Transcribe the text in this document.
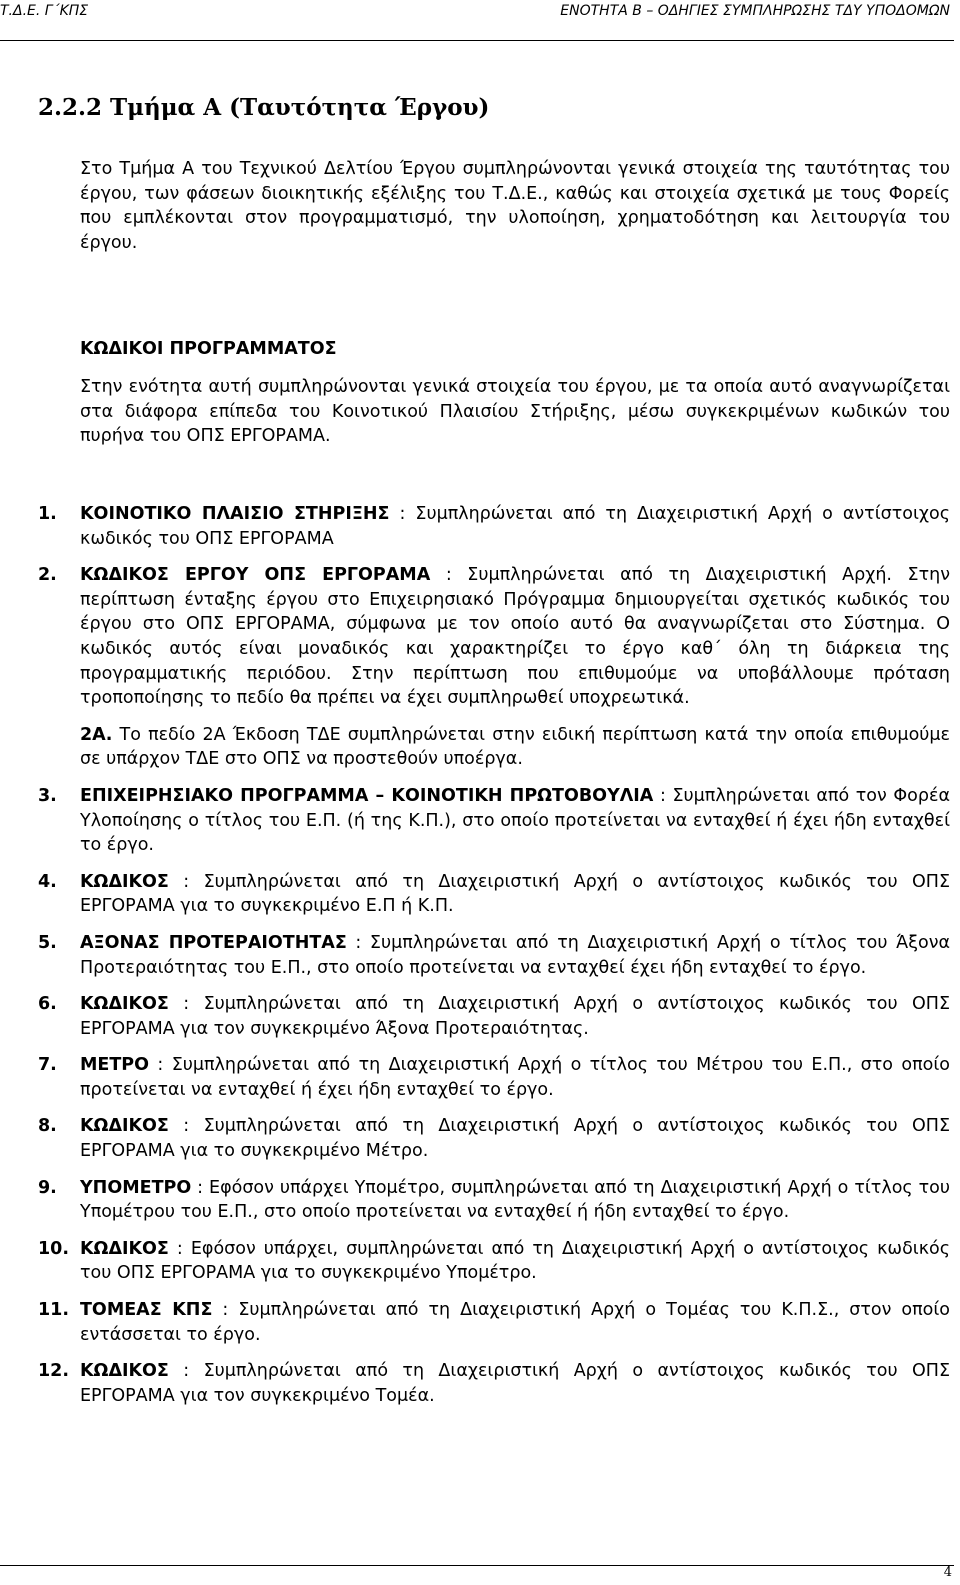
Τ.Δ.Ε. Γ΄ΚΠΣ	ΕΝΟΤΗΤΑ Β – ΟΔΗΓΙΕΣ ΣΥΜΠΛΗΡΩΣΗΣ ΤΔΥ ΥΠΟΔΟΜΩΝ
2.2.2 Τμήμα Α (Ταυτότητα Έργου)
Στο Τμήμα Α του Τεχνικού Δελτίου Έργου συμπληρώνονται γενικά στοιχεία της ταυτότητας του έργου, των φάσεων διοικητικής εξέλιξης του Τ.Δ.Ε., καθώς και στοιχεία σχετικά με τους Φορείς που εμπλέκονται στον προγραμματισμό, την υλοποίηση, χρηματοδότηση και λειτουργία του έργου.
ΚΩΔΙΚΟΙ ΠΡΟΓΡΑΜΜΑΤΟΣ
Στην ενότητα αυτή συμπληρώνονται γενικά στοιχεία του έργου, με τα οποία αυτό αναγνωρίζεται στα διάφορα επίπεδα του Κοινοτικού Πλαισίου Στήριξης, μέσω συγκεκριμένων κωδικών του πυρήνα του ΟΠΣ ΕΡΓΟΡΑΜΑ.
1. ΚΟΙΝΟΤΙΚΟ ΠΛΑΙΣΙΟ ΣΤΗΡΙΞΗΣ : Συμπληρώνεται από τη Διαχειριστική Αρχή ο αντίστοιχος κωδικός του ΟΠΣ ΕΡΓΟΡΑΜΑ
2. ΚΩΔΙΚΟΣ ΕΡΓΟΥ ΟΠΣ ΕΡΓΟΡΑΜΑ : Συμπληρώνεται από τη Διαχειριστική Αρχή. Στην περίπτωση ένταξης έργου στο Επιχειρησιακό Πρόγραμμα δημιουργείται σχετικός κωδικός του έργου στο ΟΠΣ ΕΡΓΟΡΑΜΑ, σύμφωνα με τον οποίο αυτό θα αναγνωρίζεται στο Σύστημα. Ο κωδικός αυτός είναι μοναδικός και χαρακτηρίζει το έργο καθ΄ όλη τη διάρκεια της προγραμματικής περιόδου. Στην περίπτωση που επιθυμούμε να υποβάλλουμε πρόταση τροποποίησης το πεδίο θα πρέπει να έχει συμπληρωθεί υποχρεωτικά.
2Α. Το πεδίο 2Α Έκδοση ΤΔΕ συμπληρώνεται στην ειδική περίπτωση κατά την οποία επιθυμούμε σε υπάρχον ΤΔΕ στο ΟΠΣ να προστεθούν υποέργα.
3. ΕΠΙΧΕΙΡΗΣΙΑΚΟ ΠΡΟΓΡΑΜΜΑ – ΚΟΙΝΟΤΙΚΗ ΠΡΩΤΟΒΟΥΛΙΑ : Συμπληρώνεται από τον Φορέα Υλοποίησης ο τίτλος του Ε.Π. (ή της Κ.Π.), στο οποίο προτείνεται να ενταχθεί ή έχει ήδη ενταχθεί το έργο.
4. ΚΩΔΙΚΟΣ : Συμπληρώνεται από τη Διαχειριστική Αρχή ο αντίστοιχος κωδικός του ΟΠΣ ΕΡΓΟΡΑΜΑ για το συγκεκριμένο Ε.Π ή Κ.Π.
5. ΑΞΟΝΑΣ ΠΡΟΤΕΡΑΙΟΤΗΤΑΣ : Συμπληρώνεται από τη Διαχειριστική Αρχή ο τίτλος του Άξονα Προτεραιότητας του Ε.Π., στο οποίο προτείνεται να ενταχθεί έχει ήδη ενταχθεί το έργο.
6. ΚΩΔΙΚΟΣ : Συμπληρώνεται από τη Διαχειριστική Αρχή ο αντίστοιχος κωδικός του ΟΠΣ ΕΡΓΟΡΑΜΑ για τον συγκεκριμένο Άξονα Προτεραιότητας.
7. ΜΕΤΡΟ : Συμπληρώνεται από τη Διαχειριστική Αρχή ο τίτλος του Μέτρου του Ε.Π., στο οποίο προτείνεται να ενταχθεί ή έχει ήδη ενταχθεί το έργο.
8. ΚΩΔΙΚΟΣ : Συμπληρώνεται από τη Διαχειριστική Αρχή ο αντίστοιχος κωδικός του ΟΠΣ ΕΡΓΟΡΑΜΑ για το συγκεκριμένο Μέτρο.
9. ΥΠΟΜΕΤΡΟ : Εφόσον υπάρχει Υπομέτρο, συμπληρώνεται από τη Διαχειριστική Αρχή ο τίτλος του Υπομέτρου του Ε.Π., στο οποίο προτείνεται να ενταχθεί ή ήδη ενταχθεί το έργο.
10. ΚΩΔΙΚΟΣ : Εφόσον υπάρχει, συμπληρώνεται από τη Διαχειριστική Αρχή ο αντίστοιχος κωδικός του ΟΠΣ ΕΡΓΟΡΑΜΑ για το συγκεκριμένο Υπομέτρο.
11. ΤΟΜΕΑΣ ΚΠΣ : Συμπληρώνεται από τη Διαχειριστική Αρχή ο Τομέας του Κ.Π.Σ., στον οποίο εντάσσεται το έργο.
12. ΚΩΔΙΚΟΣ : Συμπληρώνεται από τη Διαχειριστική Αρχή ο αντίστοιχος κωδικός του ΟΠΣ ΕΡΓΟΡΑΜΑ για τον συγκεκριμένο Τομέα.
4
